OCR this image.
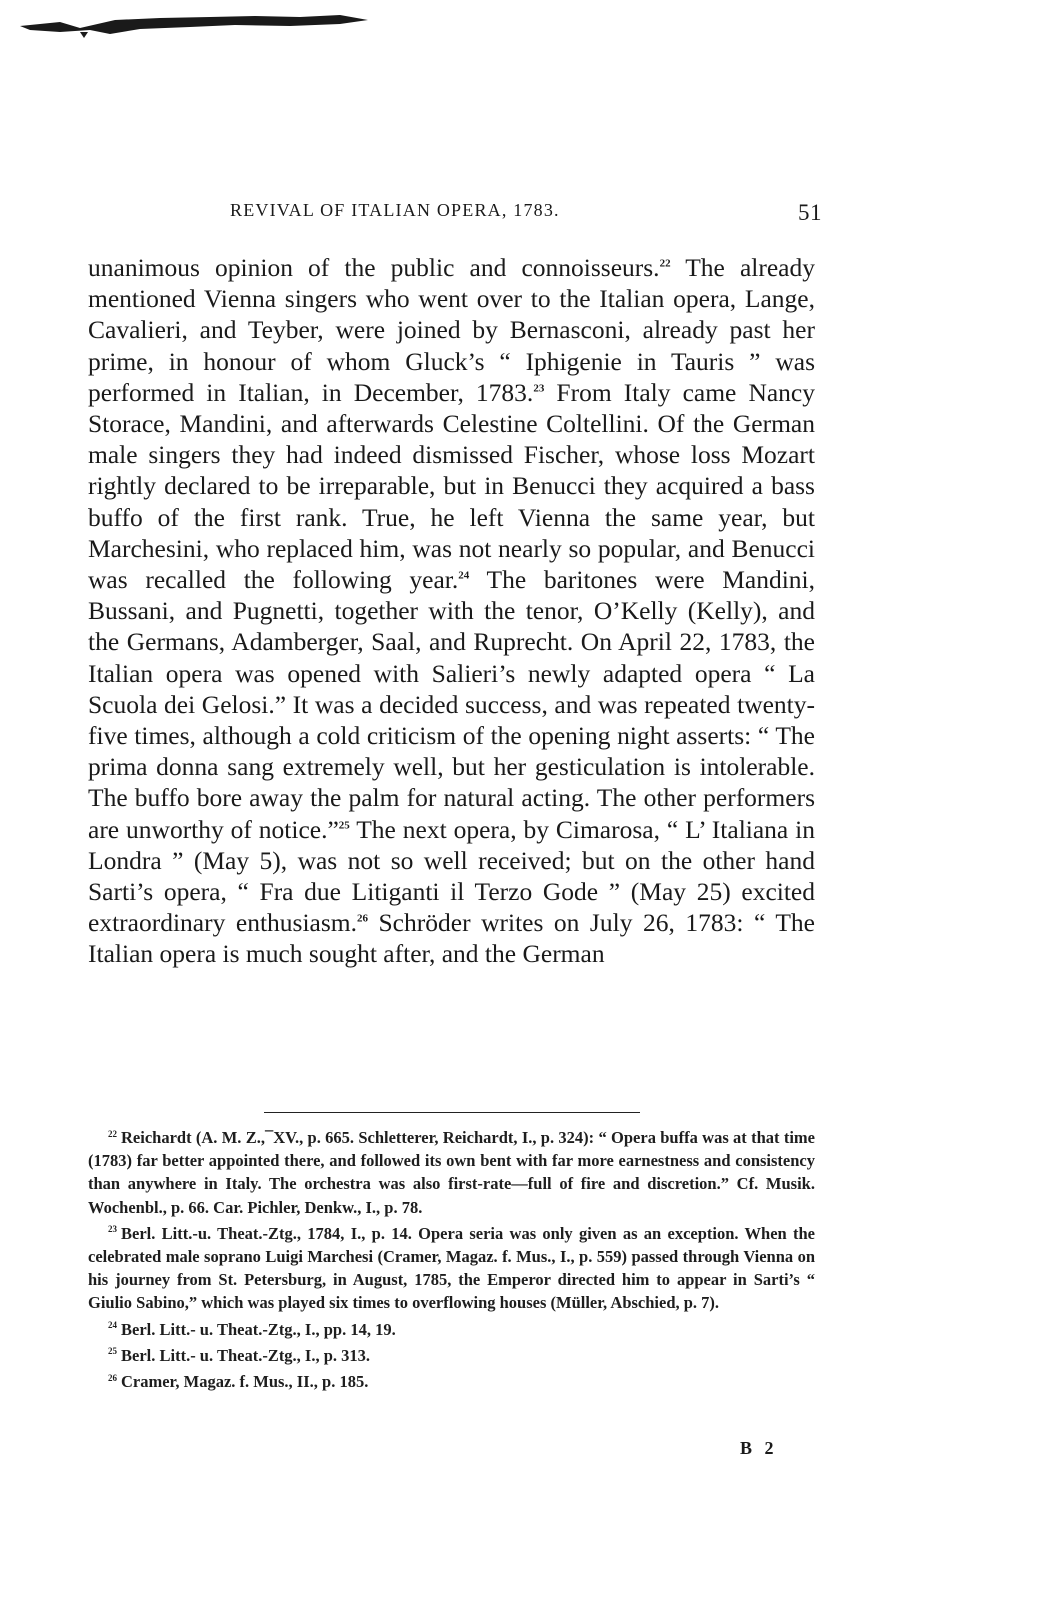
REVIVAL OF ITALIAN OPERA, 1783.	51

unanimous opinion of the public and connoisseurs.$^{22}$ The already mentioned Vienna singers who went over to the Italian opera, Lange, Cavalieri, and Teyber, were joined by Bernasconi, already past her prime, in honour of whom Gluck’s “ Iphigenie in Tauris ” was performed in Italian, in December, 1783.23 From Italy came Nancy Storace, Mandini, and afterwards Celestine Coltellini. Of the German male singers they had indeed dismissed Fischer, whose loss Mozart rightly declared to be irreparable, but in Benucci they acquired a bass buffo of the first rank. True, he left Vienna the same year, but Marchesini, who replaced him, was not nearly so popular, and Benucci was recalled the following year.$^{24}$ The baritones were Mandini, Bussani, and Pugnetti, together with the tenor, O’Kelly (Kelly), and the Germans, Adamberger, Saal, and Ruprecht. On April 22, 1783, the Italian opera was opened with Salieri’s newly adapted opera “ La Scuola dei Gelosi.” It was a decided success, and was repeated twenty-five times, although a cold criticism of the opening night asserts: “ The prima donna sang extremely well, but her gesticulation is intolerable. The buffo bore away the palm for natural acting. The other performers are unworthy of notice.”$^{25}$ The next opera, by Cimarosa, “ L’ Italiana in Londra ” (May 5), was not so well received; but on the other hand Sarti’s opera, “ Fra due Litiganti il Terzo Gode ” (May 25) excited extraordinary enthusiasm.$^{26}$ Schröder writes on July 26, 1783: “ The Italian opera is much sought after, and the German

$^{22}$ Reichardt (A. M. Z.,¯XV., p. 665. Schletterer, Reichardt, I., p. 324): “ Opera buffa was at that time (1783) far better appointed there, and followed its own bent with far more earnestness and consistency than anywhere in Italy. The orchestra was also first-rate—full of fire and discretion.” Cf. Musik. Wochenbl., p. 66. Car. Pichler, Denkw., I., p. 78.

$^{23}$ Berl. Litt.-u. Theat.-Ztg., 1784, I., p. 14. Opera seria was only given as an exception. When the celebrated male soprano Luigi Marchesi (Cramer, Magaz. f. Mus., I., p. 559) passed through Vienna on his journey from St. Petersburg, in August, 1785, the Emperor directed him to appear in Sarti’s “ Giulio Sabino,” which was played six times to overflowing houses (Müller, Abschied, p. 7).

$^{24}$ Berl. Litt.- u. Theat.-Ztg., I., pp. 14, 19.

$^{25}$ Berl. Litt.- u. Theat.-Ztg., I., p. 313.

$^{26}$ Cramer, Magaz. f. Mus., II., p. 185.

B 2
